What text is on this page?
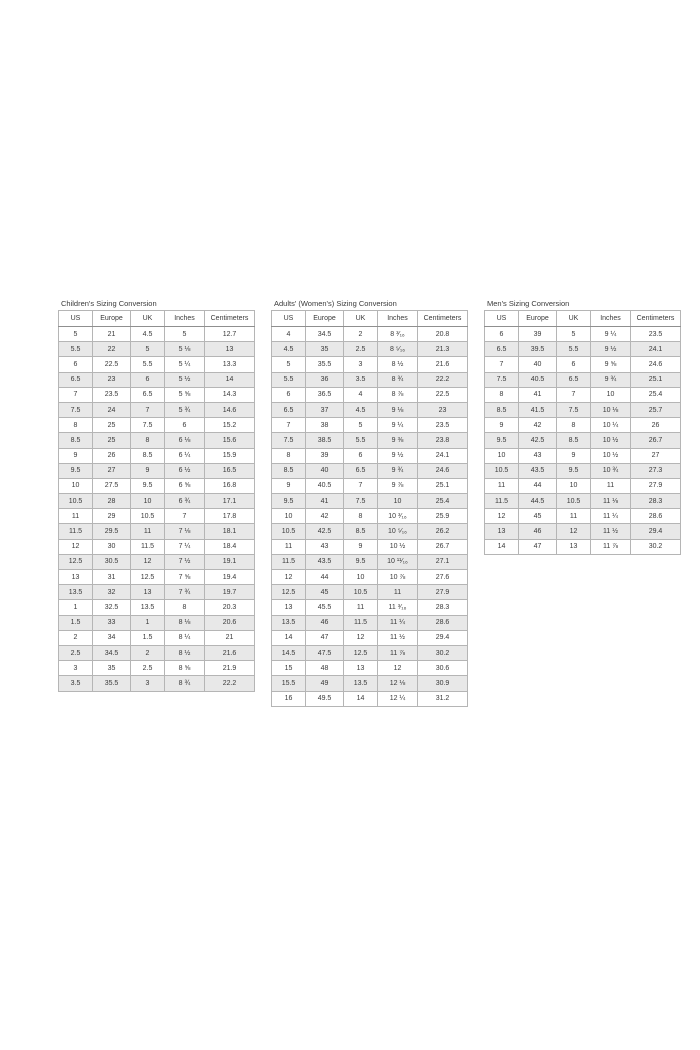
Children's Sizing Conversion
US	Europe	UK	Inches	Centimeters
5	21	4.5	5	12.7
5.5	22	5	5 ⅛	13
6	22.5	5.5	5 ¼	13.3
6.5	23	6	5 ½	14
7	23.5	6.5	5 ⅝	14.3
7.5	24	7	5 ¾	14.6
8	25	7.5	6	15.2
8.5	25	8	6 ⅛	15.6
9	26	8.5	6 ¼	15.9
9.5	27	9	6 ½	16.5
10	27.5	9.5	6 ⅝	16.8
10.5	28	10	6 ¾	17.1
11	29	10.5	7	17.8
11.5	29.5	11	7 ⅛	18.1
12	30	11.5	7 ¼	18.4
12.5	30.5	12	7 ½	19.1
13	31	12.5	7 ⅝	19.4
13.5	32	13	7 ¾	19.7
1	32.5	13.5	8	20.3
1.5	33	1	8 ⅛	20.6
2	34	1.5	8 ¼	21
2.5	34.5	2	8 ½	21.6
3	35	2.5	8 ⅝	21.9
3.5	35.5	3	8 ¾	22.2
Adults' (Women's) Sizing Conversion
US	Europe	UK	Inches	Centimeters
4	34.5	2	8 ³⁄₁₆	20.8
4.5	35	2.5	8 ⁵⁄₁₆	21.3
5	35.5	3	8 ½	21.6
5.5	36	3.5	8 ¾	22.2
6	36.5	4	8 ⅞	22.5
6.5	37	4.5	9 ⅛	23
7	38	5	9 ¼	23.5
7.5	38.5	5.5	9 ⅜	23.8
8	39	6	9 ½	24.1
8.5	40	6.5	9 ¾	24.6
9	40.5	7	9 ⅞	25.1
9.5	41	7.5	10	25.4
10	42	8	10 ³⁄₁₆	25.9
10.5	42.5	8.5	10 ⁵⁄₁₆	26.2
11	43	9	10 ½	26.7
11.5	43.5	9.5	10 ¹¹⁄₁₆	27.1
12	44	10	10 ⅞	27.6
12.5	45	10.5	11	27.9
13	45.5	11	11 ³⁄₁₆	28.3
13.5	46	11.5	11 ¼	28.6
14	47	12	11 ½	29.4
14.5	47.5	12.5	11 ⅞	30.2
15	48	13	12	30.6
15.5	49	13.5	12 ⅛	30.9
16	49.5	14	12 ¼	31.2
Men's Sizing Conversion
US	Europe	UK	Inches	Centimeters
6	39	5	9 ¼	23.5
6.5	39.5	5.5	9 ½	24.1
7	40	6	9 ⅝	24.6
7.5	40.5	6.5	9 ¾	25.1
8	41	7	10	25.4
8.5	41.5	7.5	10 ⅛	25.7
9	42	8	10 ¼	26
9.5	42.5	8.5	10 ½	26.7
10	43	9	10 ½	27
10.5	43.5	9.5	10 ¾	27.3
11	44	10	11	27.9
11.5	44.5	10.5	11 ⅛	28.3
12	45	11	11 ¼	28.6
13	46	12	11 ½	29.4
14	47	13	11 ⅞	30.2
